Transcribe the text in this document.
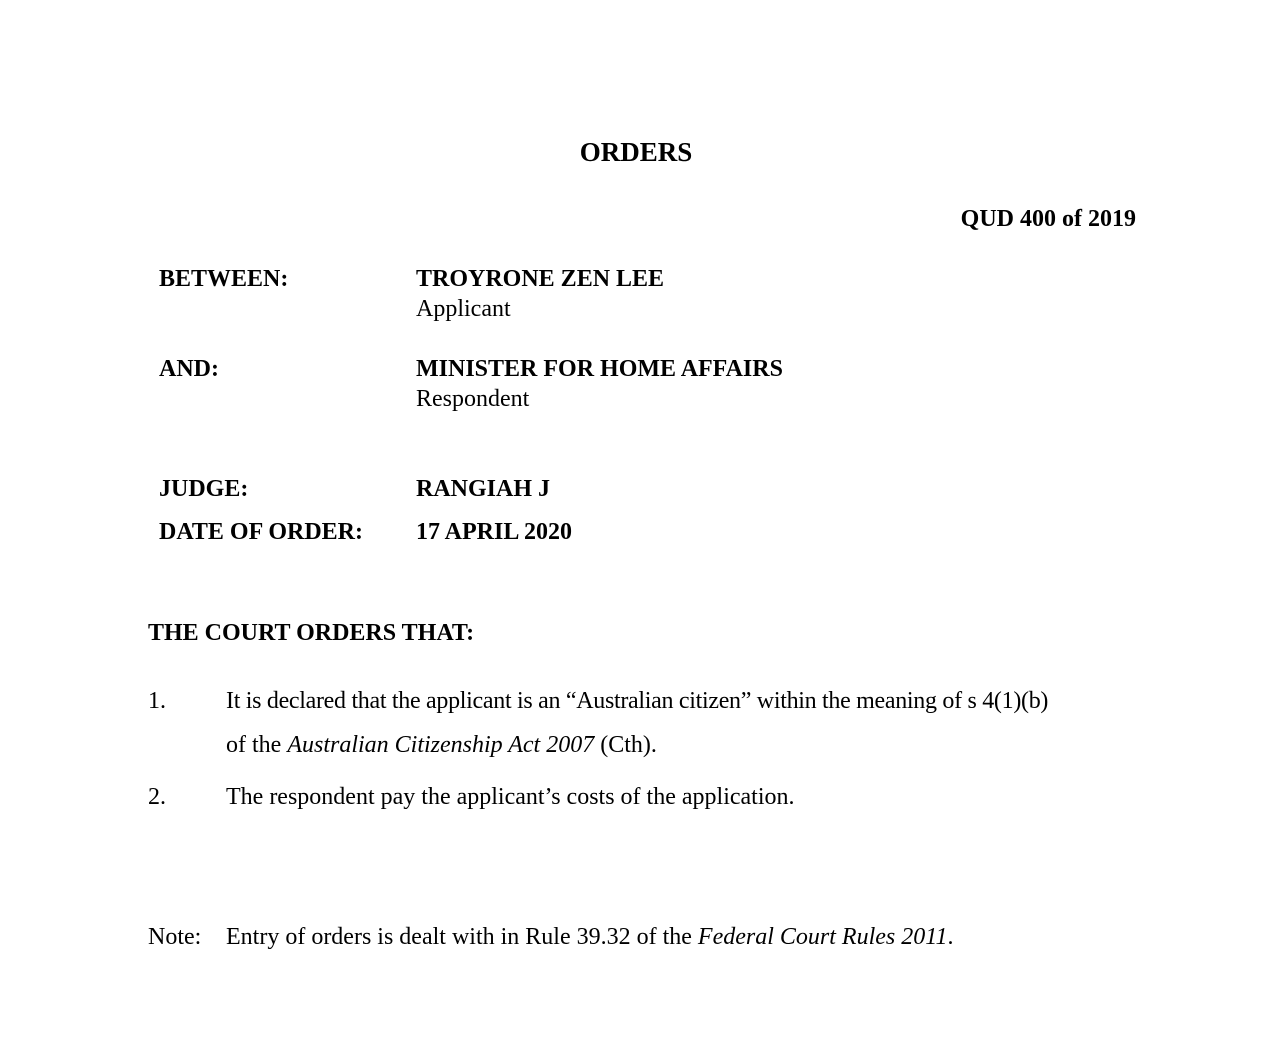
ORDERS
QUD 400 of 2019
BETWEEN:	TROYRONE ZEN LEE
Applicant
AND:	MINISTER FOR HOME AFFAIRS
Respondent
JUDGE:	RANGIAH J
DATE OF ORDER: 17 APRIL 2020
THE COURT ORDERS THAT:
1.	It is declared that the applicant is an “Australian citizen” within the meaning of s 4(1)(b)
of the Australian Citizenship Act 2007 (Cth).
2.	The respondent pay the applicant’s costs of the application.
Note: Entry of orders is dealt with in Rule 39.32 of the Federal Court Rules 2011.
